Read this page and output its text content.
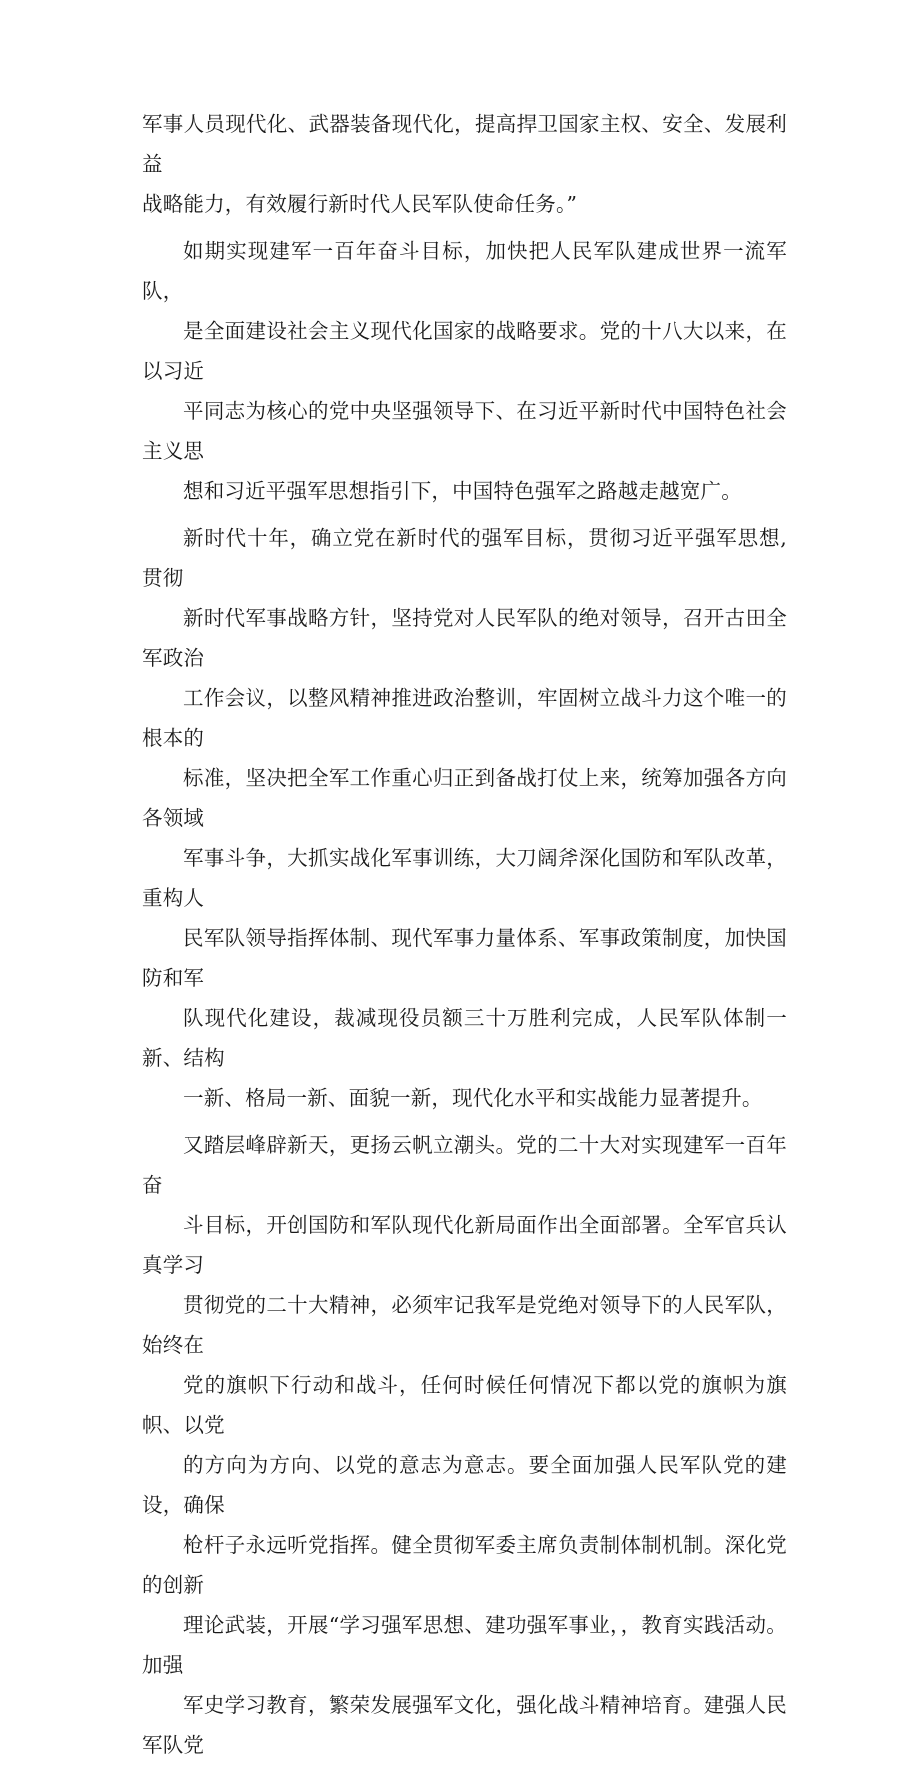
军事人员现代化、武器装备现代化，提高捍卫国家主权、安全、发展利益
战略能力，有效履行新时代人民军队使命任务。”

如期实现建军一百年奋斗目标，加快把人民军队建成世界一流军队，
是全面建设社会主义现代化国家的战略要求。党的十八大以来，在以习近
平同志为核心的党中央坚强领导下、在习近平新时代中国特色社会主义思
想和习近平强军思想指引下，中国特色强军之路越走越宽广。

新时代十年，确立党在新时代的强军目标，贯彻习近平强军思想,贯彻
新时代军事战略方针，坚持党对人民军队的绝对领导，召开古田全军政治
工作会议，以整风精神推进政治整训，牢固树立战斗力这个唯一的根本的
标准，坚决把全军工作重心归正到备战打仗上来，统筹加强各方向各领域
军事斗争，大抓实战化军事训练，大刀阔斧深化国防和军队改革，重构人
民军队领导指挥体制、现代军事力量体系、军事政策制度，加快国防和军
队现代化建设，裁减现役员额三十万胜利完成，人民军队体制一新、结构
一新、格局一新、面貌一新，现代化水平和实战能力显著提升。

又踏层峰辟新天，更扬云帆立潮头。党的二十大对实现建军一百年奋
斗目标，开创国防和军队现代化新局面作出全面部署。全军官兵认真学习
贯彻党的二十大精神，必须牢记我军是党绝对领导下的人民军队，始终在
党的旗帜下行动和战斗，任何时候任何情况下都以党的旗帜为旗帜、以党
的方向为方向、以党的意志为意志。要全面加强人民军队党的建设，确保
枪杆子永远听党指挥。健全贯彻军委主席负责制体制机制。深化党的创新
理论武装，开展“学习强军思想、建功强军事业，，教育实践活动。加强
军史学习教育，繁荣发展强军文化，强化战斗精神培育。建强人民军队党
